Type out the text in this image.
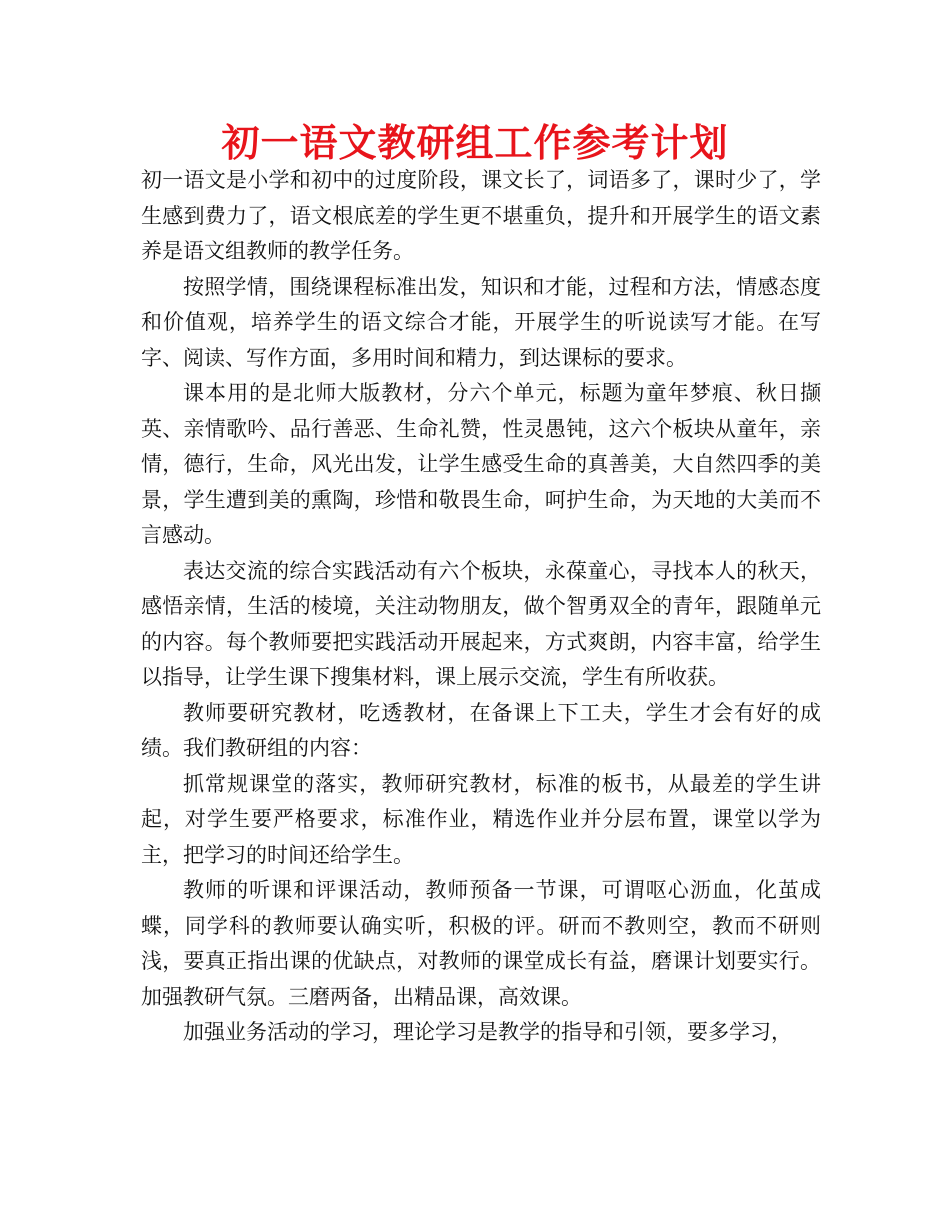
初一语文教研组工作参考计划

初一语文是小学和初中的过度阶段，课文长了，词语多了，课时少了，学生感到费力了，语文根底差的学生更不堪重负，提升和开展学生的语文素养是语文组教师的教学任务。

按照学情，围绕课程标准出发，知识和才能，过程和方法，情感态度和价值观，培养学生的语文综合才能，开展学生的听说读写才能。在写字、阅读、写作方面，多用时间和精力，到达课标的要求。

课本用的是北师大版教材，分六个单元，标题为童年梦痕、秋日撷英、亲情歌吟、品行善恶、生命礼赞，性灵愚钝，这六个板块从童年，亲情，德行，生命，风光出发，让学生感受生命的真善美，大自然四季的美景，学生遭到美的熏陶，珍惜和敬畏生命，呵护生命，为天地的大美而不言感动。

表达交流的综合实践活动有六个板块，永葆童心，寻找本人的秋天，感悟亲情，生活的棱境，关注动物朋友，做个智勇双全的青年，跟随单元的内容。每个教师要把实践活动开展起来，方式爽朗，内容丰富，给学生以指导，让学生课下搜集材料，课上展示交流，学生有所收获。

教师要研究教材，吃透教材，在备课上下工夫，学生才会有好的成绩。我们教研组的内容：

抓常规课堂的落实，教师研究教材，标准的板书，从最差的学生讲起，对学生要严格要求，标准作业，精选作业并分层布置，课堂以学为主，把学习的时间还给学生。

教师的听课和评课活动，教师预备一节课，可谓呕心沥血，化茧成蝶，同学科的教师要认确实听，积极的评。研而不教则空，教而不研则浅，要真正指出课的优缺点，对教师的课堂成长有益，磨课计划要实行。加强教研气氛。三磨两备，出精品课，高效课。

加强业务活动的学习，理论学习是教学的指导和引领，要多学习，
